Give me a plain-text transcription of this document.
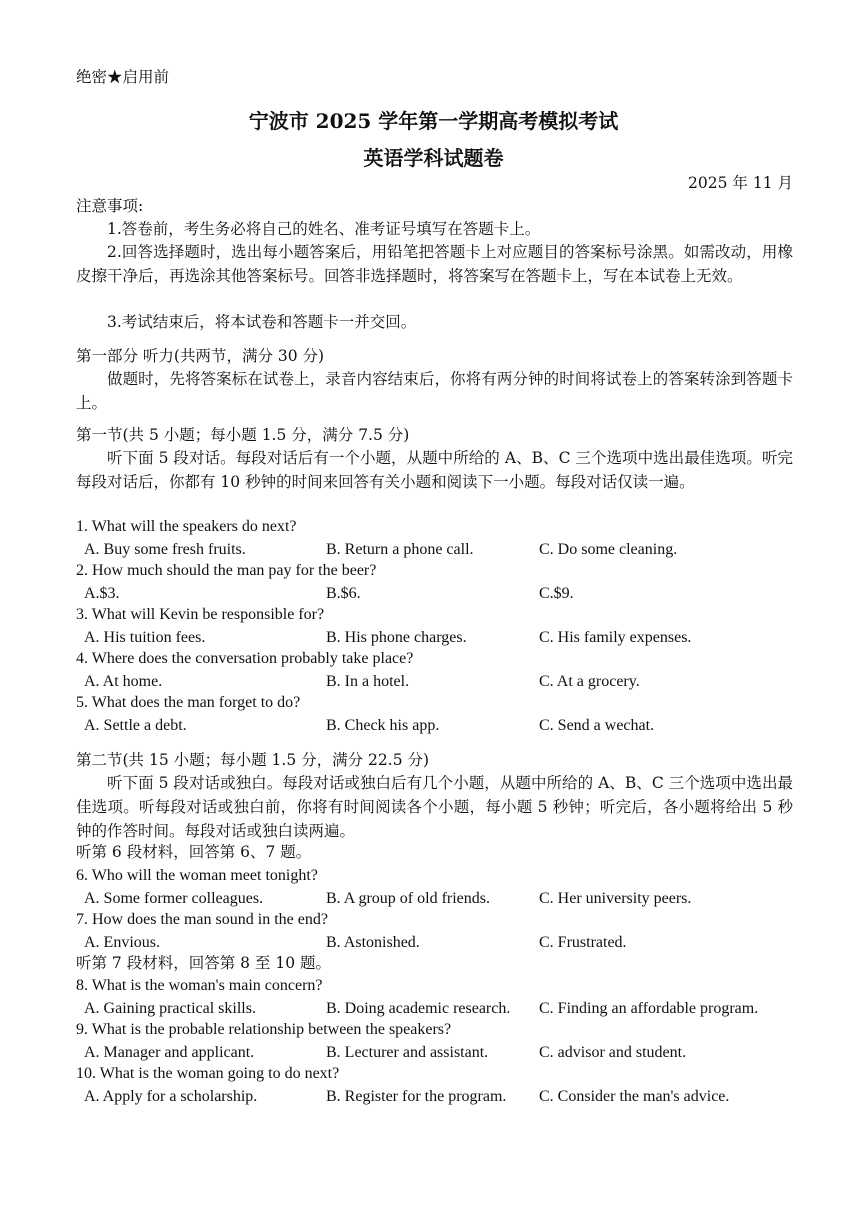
绝密★启用前
宁波市 2025 学年第一学期高考模拟考试
英语学科试题卷
2025 年 11 月
注意事项:
1.答卷前，考生务必将自己的姓名、准考证号填写在答题卡上。
2.回答选择题时，选出每小题答案后，用铅笔把答题卡上对应题目的答案标号涂黑。如需改动，用橡皮擦干净后，再选涂其他答案标号。回答非选择题时，将答案写在答题卡上，写在本试卷上无效。
3.考试结束后，将本试卷和答题卡一并交回。
第一部分 听力(共两节，满分 30 分)
做题时，先将答案标在试卷上，录音内容结束后，你将有两分钟的时间将试卷上的答案转涂到答题卡上。
第一节(共 5 小题；每小题 1.5 分，满分 7.5 分)
听下面 5 段对话。每段对话后有一个小题，从题中所给的 A、B、C 三个选项中选出最佳选项。听完每段对话后，你都有 10 秒钟的时间来回答有关小题和阅读下一小题。每段对话仅读一遍。
1. What will the speakers do next?
A. Buy some fresh fruits.	B. Return a phone call.	C. Do some cleaning.
2. How much should the man pay for the beer?
A.$3.	B.$6.	C.$9.
3. What will Kevin be responsible for?
A. His tuition fees.	B. His phone charges.	C. His family expenses.
4. Where does the conversation probably take place?
A. At home.	B. In a hotel.	C. At a grocery.
5. What does the man forget to do?
A. Settle a debt.	B. Check his app.	C. Send a wechat.
第二节(共 15 小题；每小题 1.5 分，满分 22.5 分)
听下面 5 段对话或独白。每段对话或独白后有几个小题，从题中所给的 A、B、C 三个选项中选出最佳选项。听每段对话或独白前，你将有时间阅读各个小题，每小题 5 秒钟；听完后，各小题将给出 5 秒钟的作答时间。每段对话或独白读两遍。
听第 6 段材料，回答第 6、7 题。
6. Who will the woman meet tonight?
A. Some former colleagues.	B. A group of old friends.	C. Her university peers.
7. How does the man sound in the end?
A. Envious.	B. Astonished.	C. Frustrated.
听第 7 段材料，回答第 8 至 10 题。
8. What is the woman's main concern?
A. Gaining practical skills.	B. Doing academic research. C. Finding an affordable program.
9. What is the probable relationship between the speakers?
A. Manager and applicant.	B. Lecturer and assistant.	C. advisor and student.
10. What is the woman going to do next?
A. Apply for a scholarship.	B. Register for the program. C. Consider the man's advice.
